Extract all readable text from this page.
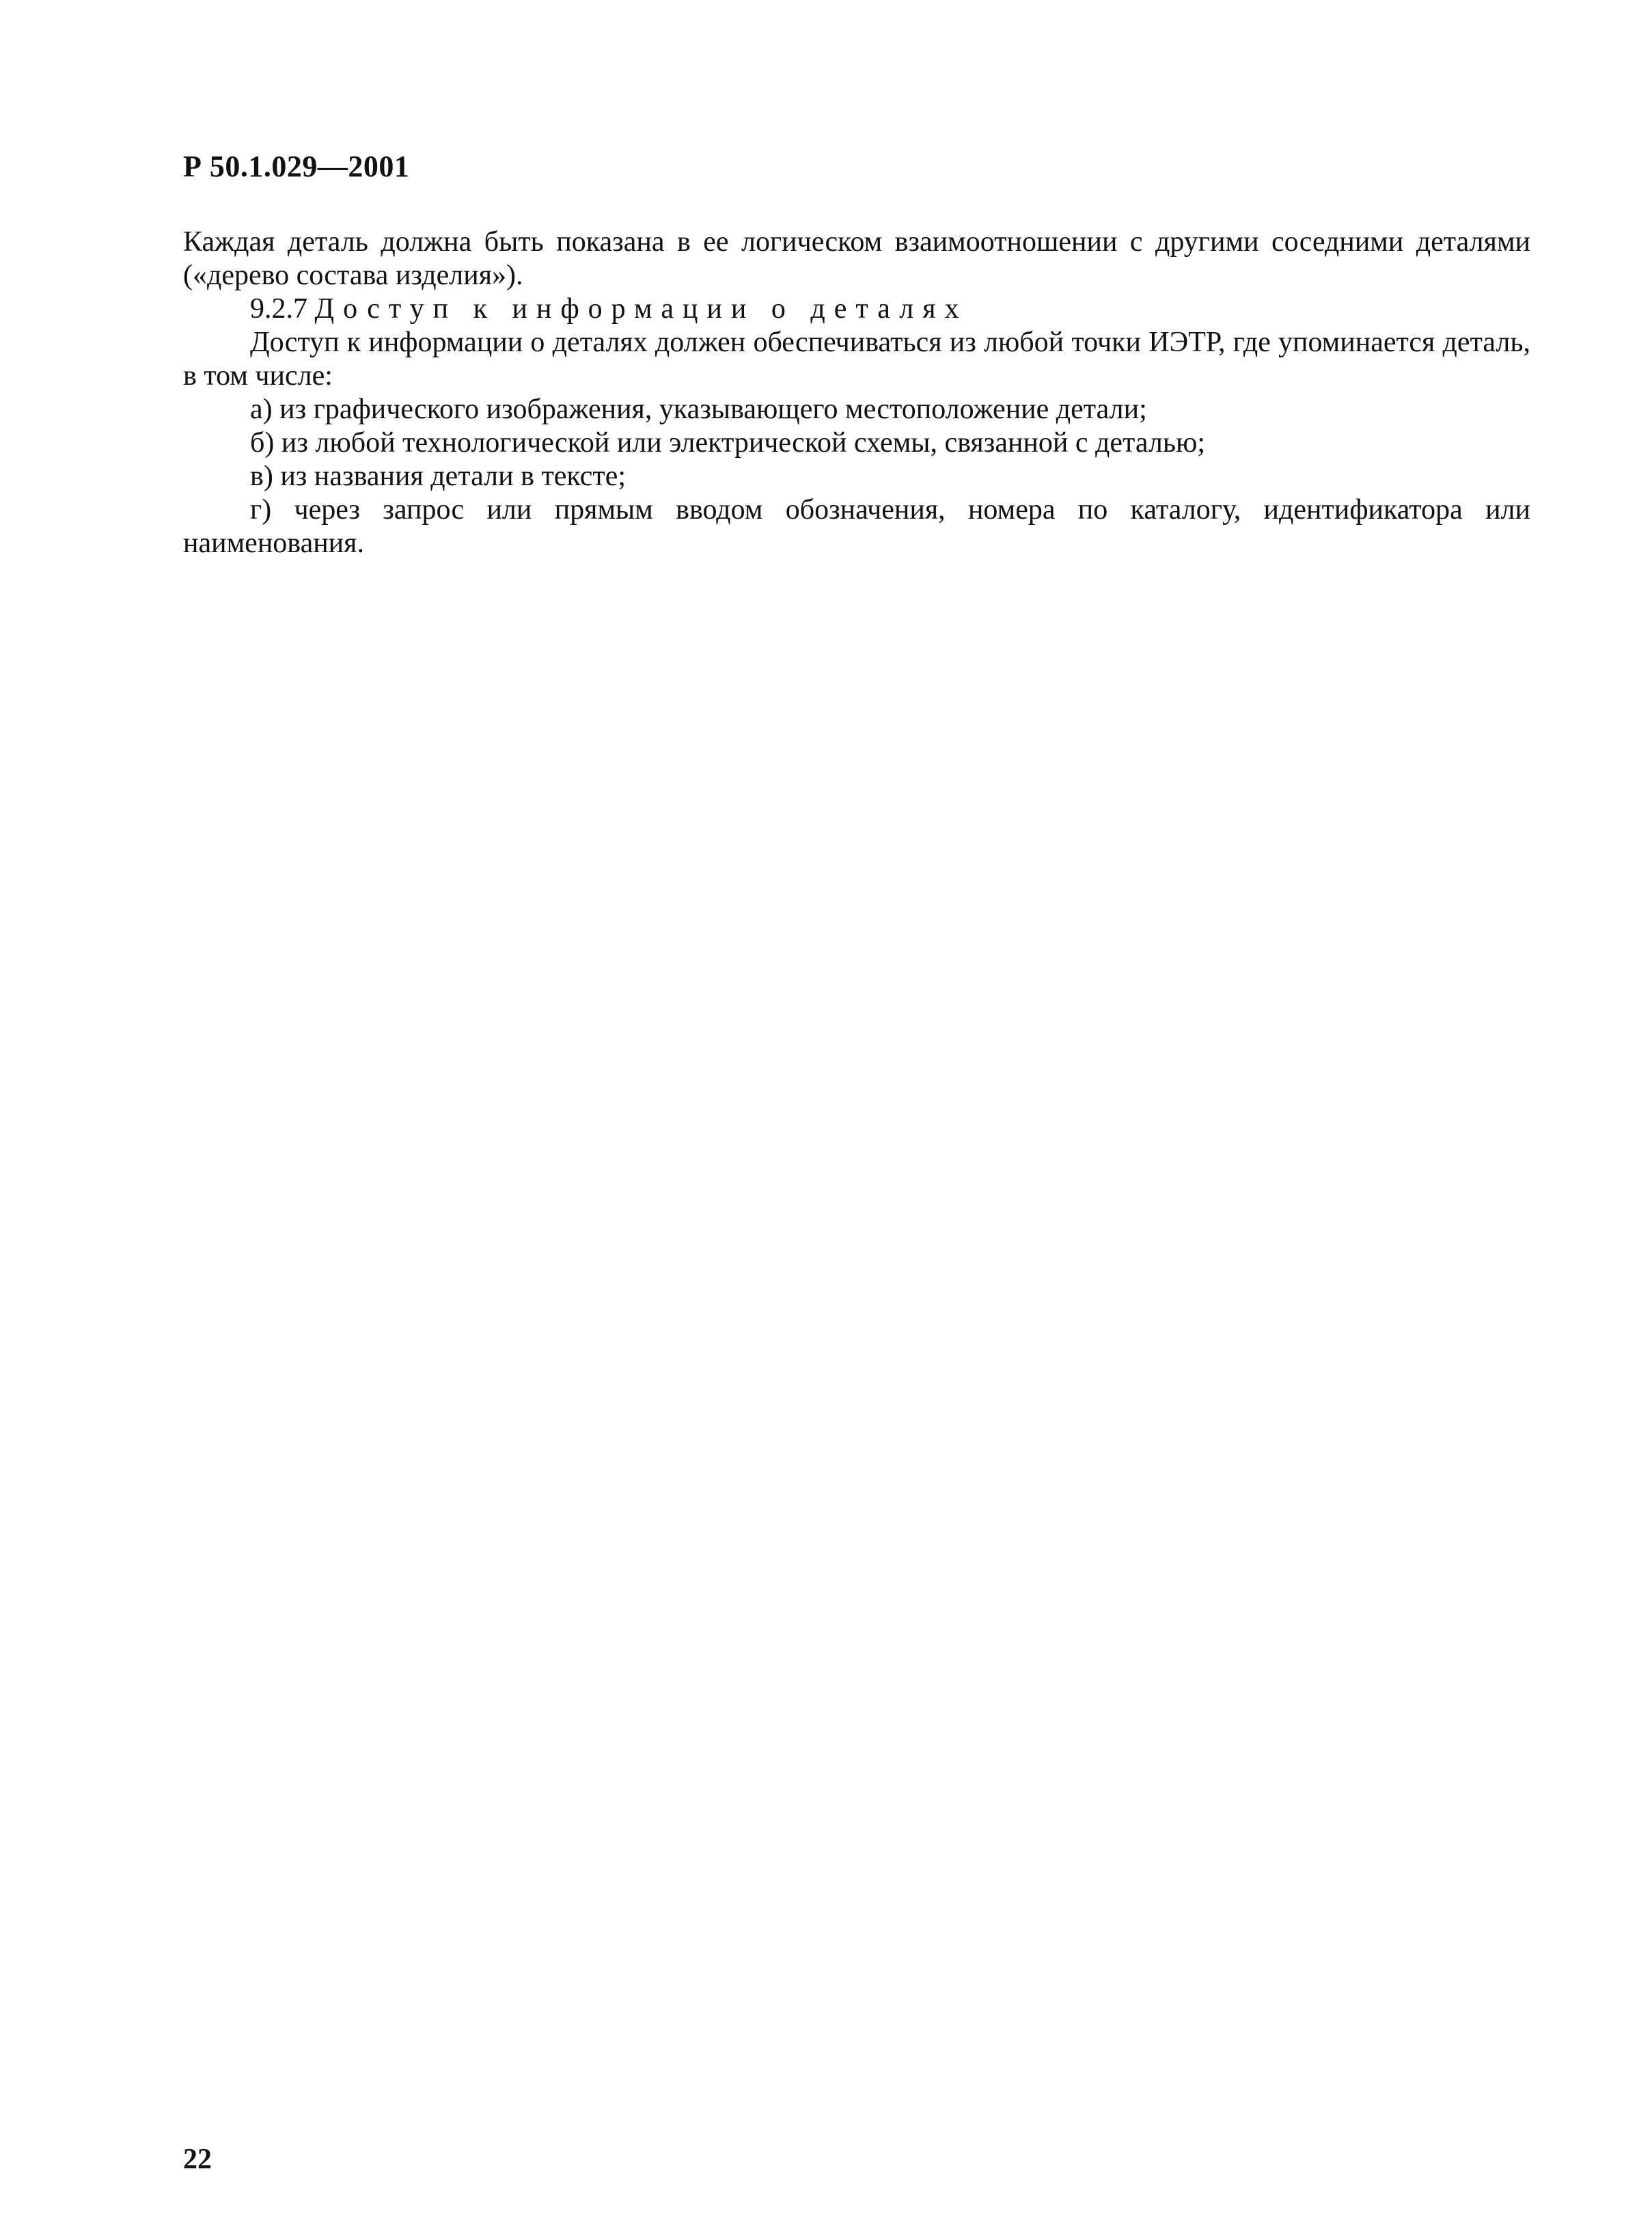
Р 50.1.029—2001

Каждая деталь должна быть показана в ее логическом взаимоотношении с другими соседними деталями («дерево состава изделия»).

9.2.7 Доступ к информации о деталях

Доступ к информации о деталях должен обеспечиваться из любой точки ИЭТР, где упоминается деталь, в том числе:

а) из графического изображения, указывающего местоположение детали;

б) из любой технологической или электрической схемы, связанной с деталью;

в) из названия детали в тексте;

г) через запрос или прямым вводом обозначения, номера по каталогу, идентификатора или наименования.

22
